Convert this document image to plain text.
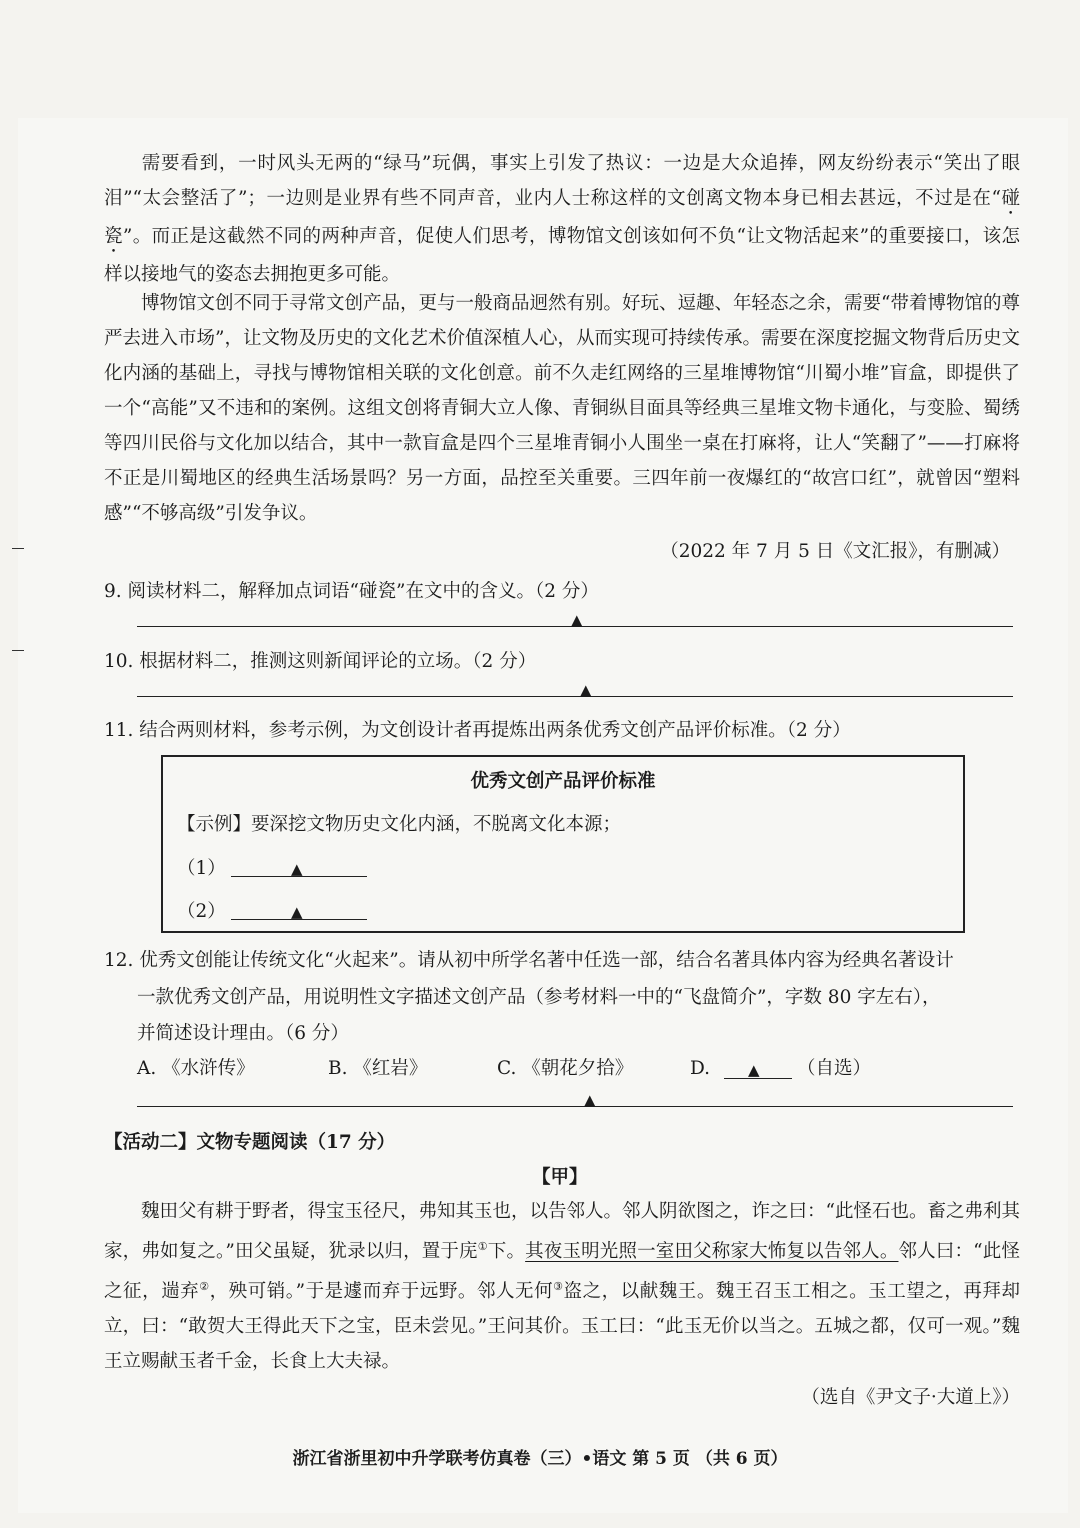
需要看到，一时风头无两的“绿马”玩偶，事实上引发了热议：一边是大众追捧，网友纷纷表示“笑出了眼泪”“太会整活了”；一边则是业界有些不同声音，业内人士称这样的文创离文物本身已相去甚远，不过是在“碰瓷”。而正是这截然不同的两种声音，促使人们思考，博物馆文创该如何不负“让文物活起来”的重要接口，该怎样以接地气的姿态去拥抱更多可能。
博物馆文创不同于寻常文创产品，更与一般商品迥然有别。好玩、逗趣、年轻态之余，需要“带着博物馆的尊严去进入市场”，让文物及历史的文化艺术价值深植人心，从而实现可持续传承。需要在深度挖掘文物背后历史文化内涵的基础上，寻找与博物馆相关联的文化创意。前不久走红网络的三星堆博物馆“川蜀小堆”盲盒，即提供了一个“高能”又不违和的案例。这组文创将青铜大立人像、青铜纵目面具等经典三星堆文物卡通化，与变脸、蜀绣等四川民俗与文化加以结合，其中一款盲盒是四个三星堆青铜小人围坐一桌在打麻将，让人“笑翻了”——打麻将不正是川蜀地区的经典生活场景吗？另一方面，品控至关重要。三四年前一夜爆红的“故宫口红”，就曾因“塑料感”“不够高级”引发争议。
（2022 年 7 月 5 日《文汇报》，有删减）
9. 阅读材料二，解释加点词语“碰瓷”在文中的含义。（2 分）
▲
10. 根据材料二，推测这则新闻评论的立场。（2 分）
▲
11. 结合两则材料，参考示例，为文创设计者再提炼出两条优秀文创产品评价标准。（2 分）
优秀文创产品评价标准
【示例】要深挖文物历史文化内涵，不脱离文化本源；
（1）	▲
（2）	▲
12. 优秀文创能让传统文化“火起来”。请从初中所学名著中任选一部，结合名著具体内容为经典名著设计
一款优秀文创产品，用说明性文字描述文创产品（参考材料一中的“飞盘简介”，字数 80 字左右），
并简述设计理由。（6 分）
A. 《水浒传》	B. 《红岩》	C. 《朝花夕拾》	D.	▲ （自选）
▲
【活动二】文物专题阅读（17 分）
【甲】
魏田父有耕于野者，得宝玉径尺，弗知其玉也，以告邻人。邻人阴欲图之，诈之曰：“此怪石也。畜之弗利其家，弗如复之。”田父虽疑，犹录以归，置于庑①下。其夜玉明光照一室田父称家大怖复以告邻人。邻人曰：“此怪之征，遄弃②，殃可销。”于是遽而弃于远野。邻人无何③盗之，以献魏王。魏王召玉工相之。玉工望之，再拜却立，曰：“敢贺大王得此天下之宝，臣未尝见。”王问其价。玉工曰：“此玉无价以当之。五城之都，仅可一观。”魏王立赐献玉者千金，长食上大夫禄。
（选自《尹文子·大道上》）
浙江省浙里初中升学联考仿真卷（三）•语文 第 5 页 （共 6 页）
